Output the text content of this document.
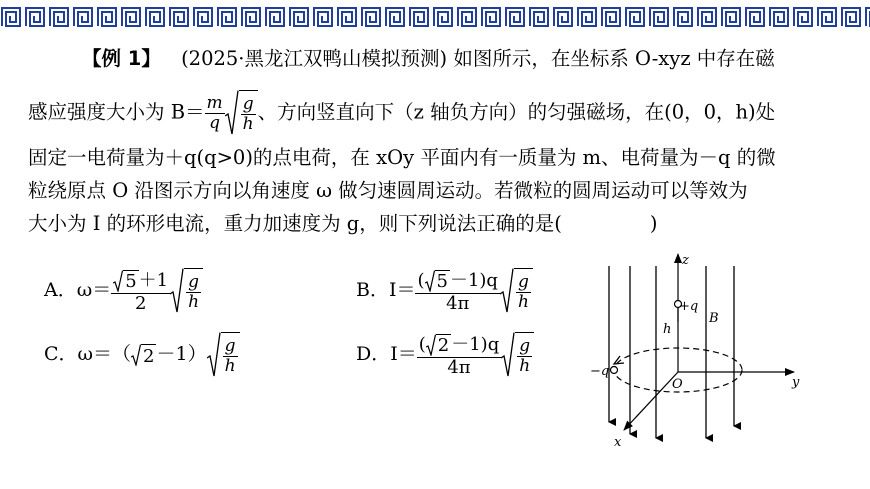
【例 1】 (2025·黑龙江双鸭山模拟预测) 如图所示，在坐标系 O-xyz 中存在磁
感应强度大小为 $B= \frac{m}{q} \frac{g}{h}$ 、方向竖直向下（z 轴负方向）的匀强磁场，在(0，0，h)处
固定一电荷量为＋q(q>0)的点电荷，在 xOy 平面内有一质量为 m、电荷量为－q 的微
粒绕原点 O 沿图示方向以角速度 ω 做匀速圆周运动。若微粒的圆周运动可以等效为
大小为 I 的环形电流，重力加速度为 g，则下列说法正确的是(	)
A．$\omega= \frac{5 +1}{2} \frac{g}{h}$	B．$I= \frac{( 5 -1)q}{4\pi} \frac{g}{h}$
C．ω＝（ $2 -1) \frac{g}{h}$	D．$I= \frac{( 2 -1)q}{4\pi} \frac{g}{h}$
z
y
x
O
+q
h
B
−q
